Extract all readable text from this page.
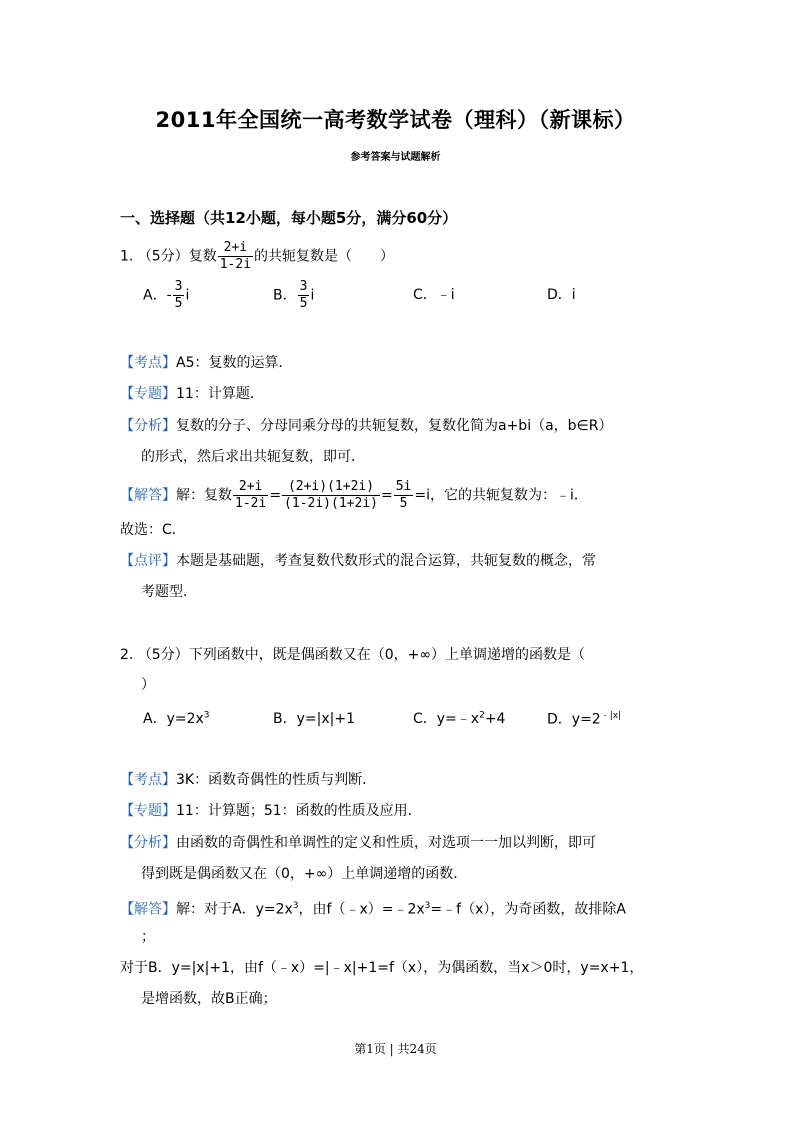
2011年全国统一高考数学试卷（理科）（新课标）
参考答案与试题解析
一、选择题（共12小题，每小题5分，满分60分）
1. （5分）复数 $\frac{2+i}{1-2i}$ 的共轭复数是（　　）
A．- $\frac{3}{5}$ i	B． $\frac{3}{5}$ i	C．﹣i	D．i
【考点】A5：复数的运算．
【专题】11：计算题．
【分析】复数的分子、分母同乘分母的共轭复数，复数化简为a+bi（a，b∈R）
的形式，然后求出共轭复数，即可．
【解答】解：复数 $\frac{2+i}{1-2i} = \frac{(2+i)(1+2i)}{(1-2i)(1+2i)} = \frac{5i}{5} =i$，它的共轭复数为：﹣i．
故选：C．
【点评】本题是基础题，考查复数代数形式的混合运算，共轭复数的概念，常
考题型．
2. （5分）下列函数中，既是偶函数又在（0，+∞）上单调递增的函数是（
）
A．$y=2x^3$	B．y=|x|+1	C．$y=﹣x^2+4$	D．$y=2^{﹣|x|}$
【考点】3K：函数奇偶性的性质与判断．
【专题】11：计算题；51：函数的性质及应用．
【分析】由函数的奇偶性和单调性的定义和性质，对选项一一加以判断，即可
得到既是偶函数又在（0，+∞）上单调递增的函数．
【解答】解：对于A．$y=2x^3$，由$f(﹣x)=﹣2x^3=﹣f(x)$，为奇函数，故排除A
；
对于B．y=|x|+1，由f（﹣x）=|﹣x|+1=f（x），为偶函数，当x＞0时，y=x+1，
是增函数，故B正确；
第1页 | 共24页
